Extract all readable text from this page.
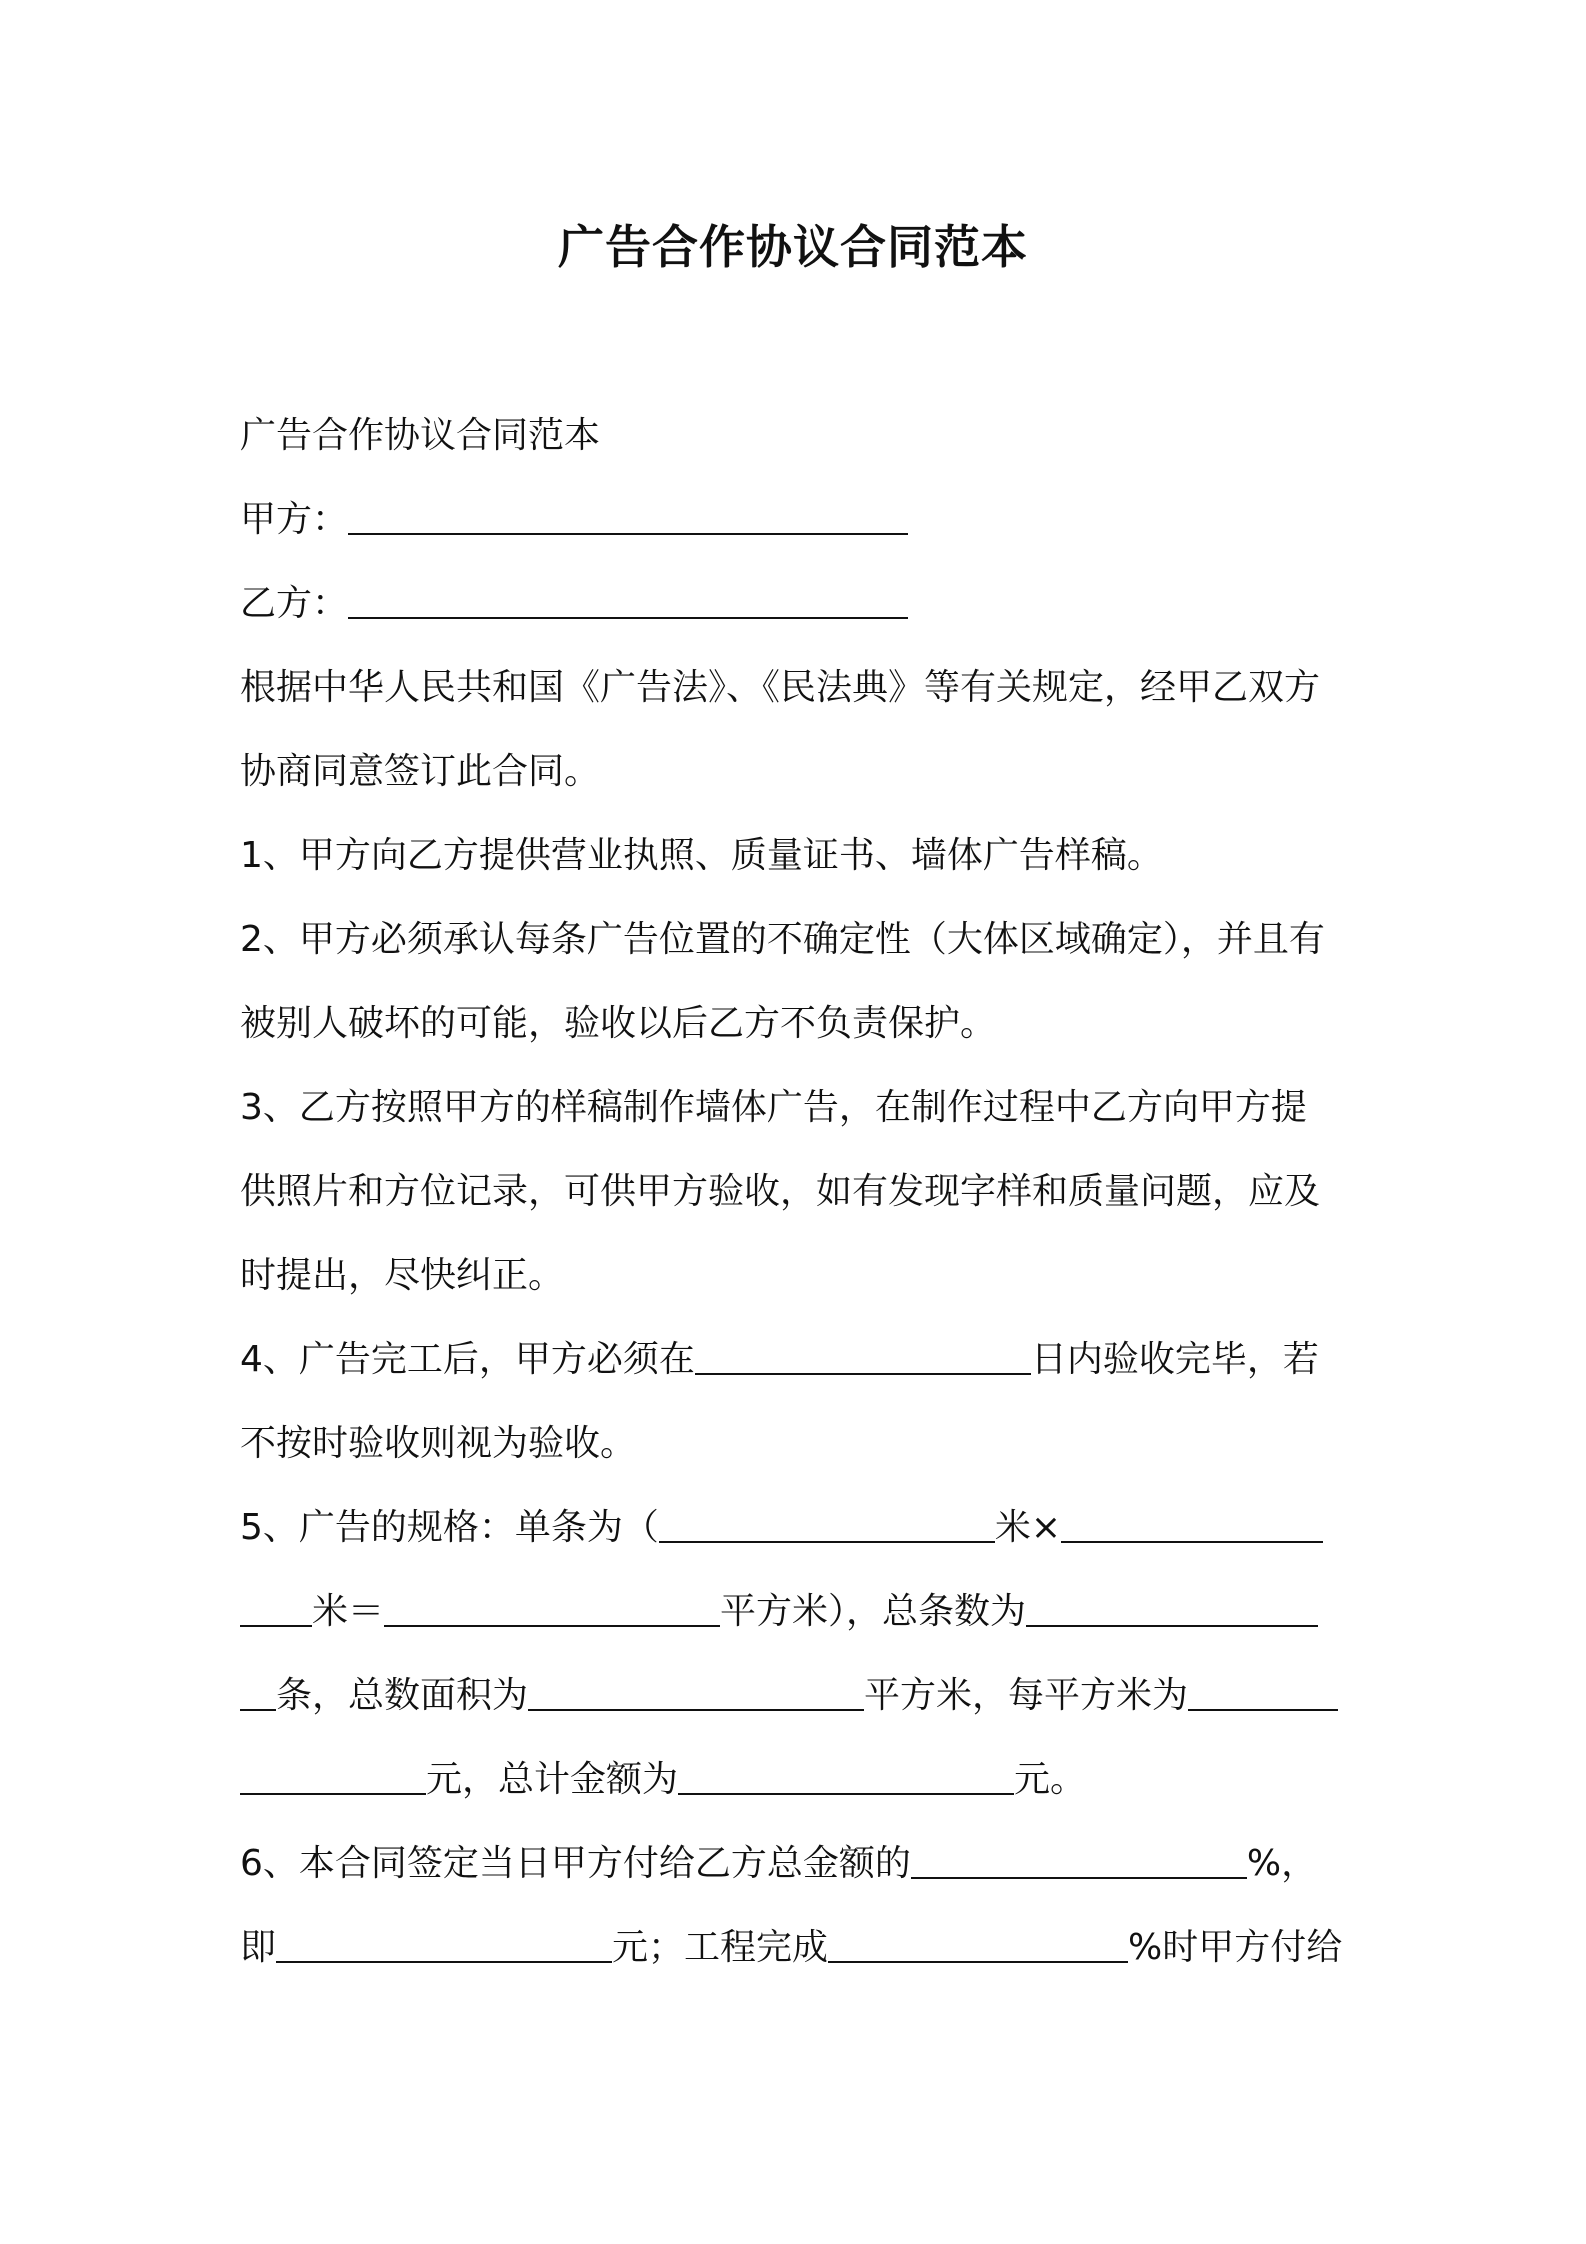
广告合作协议合同范本
广告合作协议合同范本
甲方：
乙方：
根据中华人民共和国《广告法》、《民法典》等有关规定，经甲乙双方
协商同意签订此合同。
1、甲方向乙方提供营业执照、质量证书、墙体广告样稿。
2、甲方必须承认每条广告位置的不确定性（大体区域确定），并且有
被别人破坏的可能，验收以后乙方不负责保护。
3、乙方按照甲方的样稿制作墙体广告，在制作过程中乙方向甲方提
供照片和方位记录，可供甲方验收，如有发现字样和质量问题，应及
时提出，尽快纠正。
4、广告完工后，甲方必须在	日内验收完毕，若
不按时验收则视为验收。
5、广告的规格：单条为（	米×
米＝	平方米），总条数为
条，总数面积为	平方米，每平方米为
元，总计金额为	元。
6、本合同签定当日甲方付给乙方总金额的	%，
即	元；工程完成	%时甲方付给
